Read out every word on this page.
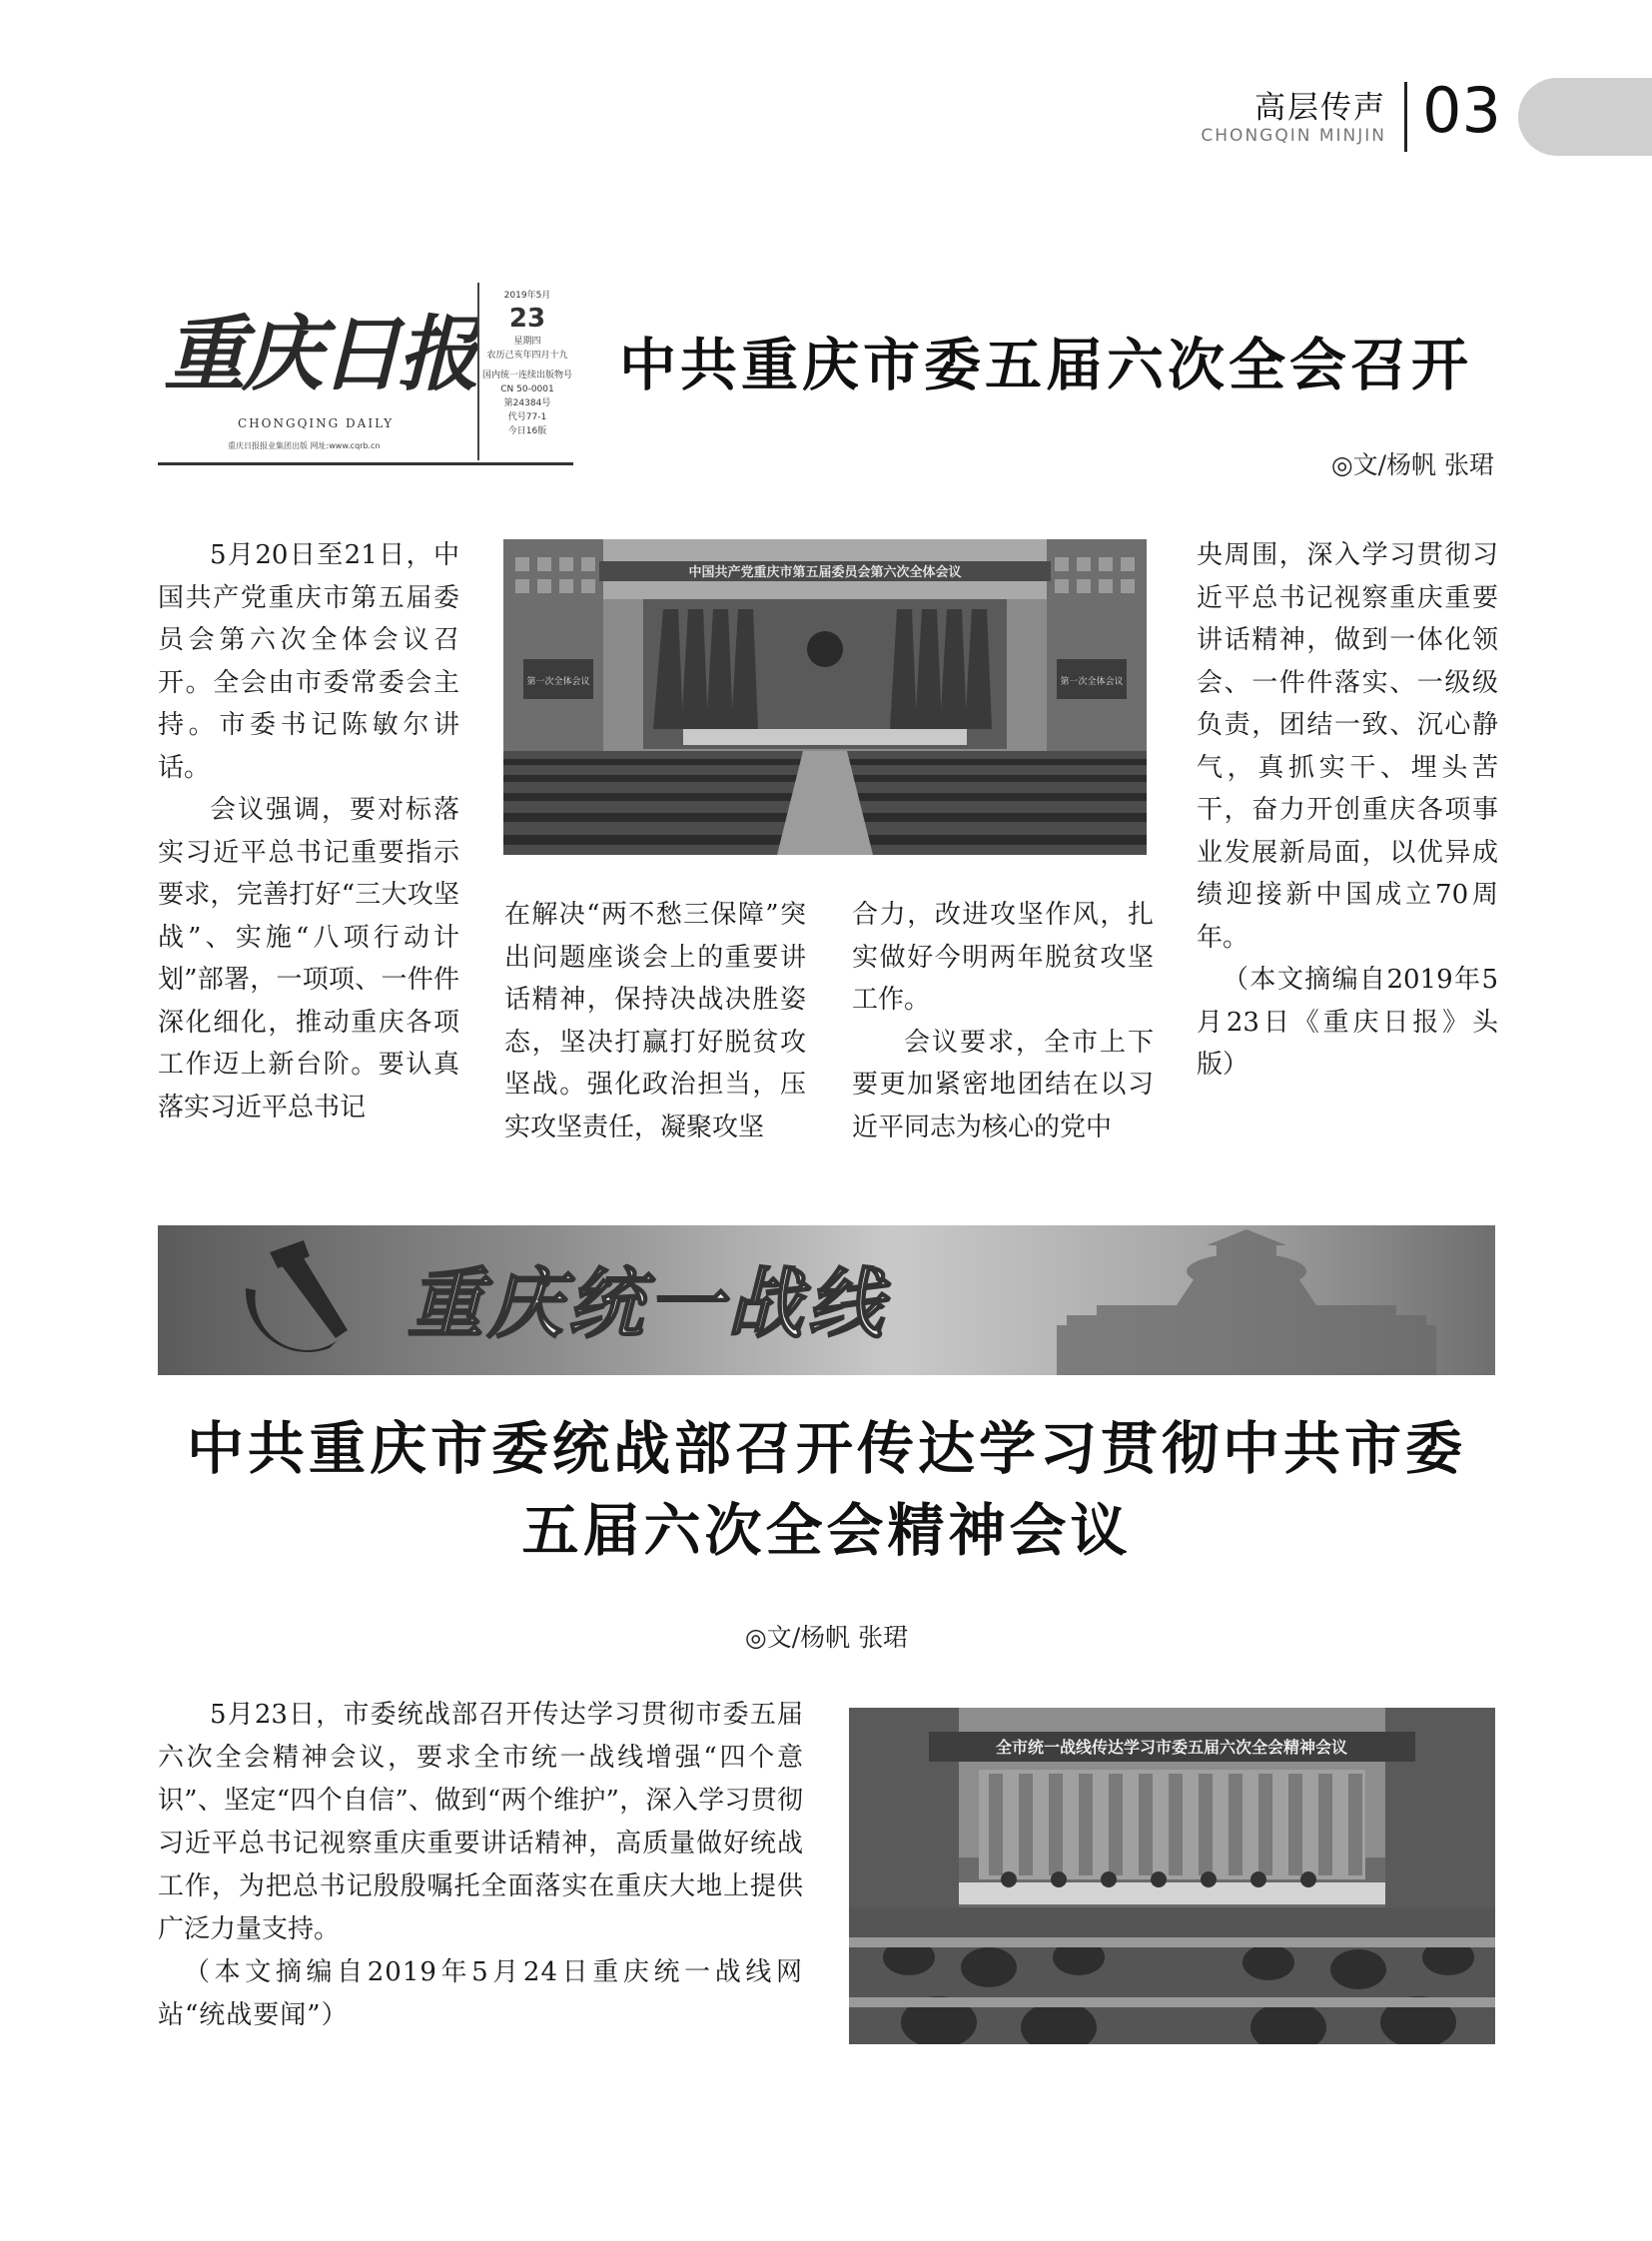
高层传声
CHONGQIN MINJIN 03
重庆日报
CHONGQING DAILY
重庆日报报业集团出版 网址:www.cqrb.cn
2019年5月
23
星期四
农历己亥年四月十九
国内统一连续出版物号
CN 50-0001
第24384号
代号77-1
今日16版
中共重庆市委五届六次全会召开
◎文/杨帆 张珺

5月20日至21日，中国共产党重庆市第五届委员会第六次全体会议召开。全会由市委常委会主持。市委书记陈敏尔讲话。

会议强调，要对标落实习近平总书记重要指示要求，完善打好“三大攻坚战”、实施“八项行动计划”部署，一项项、一件件深化细化，推动重庆各项工作迈上新台阶。要认真落实习近平总书记

中国共产党重庆市第五届委员会第六次全体会议
第一次全体会议	第一次全体会议

在解决“两不愁三保障”突出问题座谈会上的重要讲话精神，保持决战决胜姿态，坚决打赢打好脱贫攻坚战。强化政治担当，压实攻坚责任，凝聚攻坚

合力，改进攻坚作风，扎实做好今明两年脱贫攻坚工作。

会议要求，全市上下要更加紧密地团结在以习近平同志为核心的党中

央周围，深入学习贯彻习近平总书记视察重庆重要讲话精神，做到一体化领会、一件件落实、一级级负责，团结一致、沉心静气，真抓实干、埋头苦干，奋力开创重庆各项事业发展新局面，以优异成绩迎接新中国成立70周年。

（本文摘编自2019年5月23日《重庆日报》头版）

重庆统一战线
中共重庆市委统战部召开传达学习贯彻中共市委
五届六次全会精神会议
◎文/杨帆 张珺

5月23日，市委统战部召开传达学习贯彻市委五届六次全会精神会议，要求全市统一战线增强“四个意识”、坚定“四个自信”、做到“两个维护”，深入学习贯彻习近平总书记视察重庆重要讲话精神，高质量做好统战工作，为把总书记殷殷嘱托全面落实在重庆大地上提供广泛力量支持。

（本文摘编自2019年5月24日重庆统一战线网站“统战要闻”）

全市统一战线传达学习市委五届六次全会精神会议
